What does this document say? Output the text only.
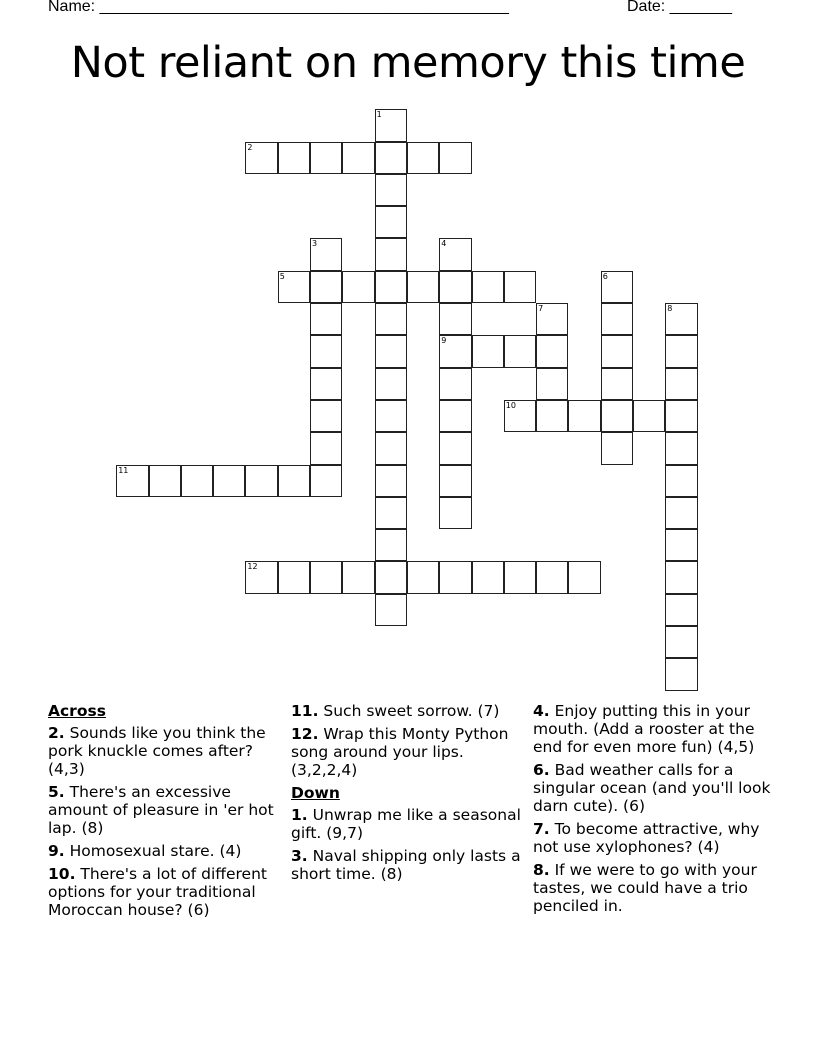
Name: ______________________________________________	Date: _______
Not reliant on memory this time
1
2
3	4
9
5	6
7	8
10
11
12
Across
2. Sounds like you think the pork knuckle comes after? (4,3)
5. There's an excessive amount of pleasure in 'er hot lap. (8)
9. Homosexual stare. (4)
10. There's a lot of different options for your traditional Moroccan house? (6)
11. Such sweet sorrow. (7)
12. Wrap this Monty Python song around your lips. (3,2,2,4)
Down
1. Unwrap me like a seasonal gift. (9,7)
3. Naval shipping only lasts a short time. (8)
4. Enjoy putting this in your mouth. (Add a rooster at the end for even more fun) (4,5)
6. Bad weather calls for a singular ocean (and you'll look darn cute). (6)
7. To become attractive, why not use xylophones? (4)
8. If we were to go with your tastes, we could have a trio penciled in.
